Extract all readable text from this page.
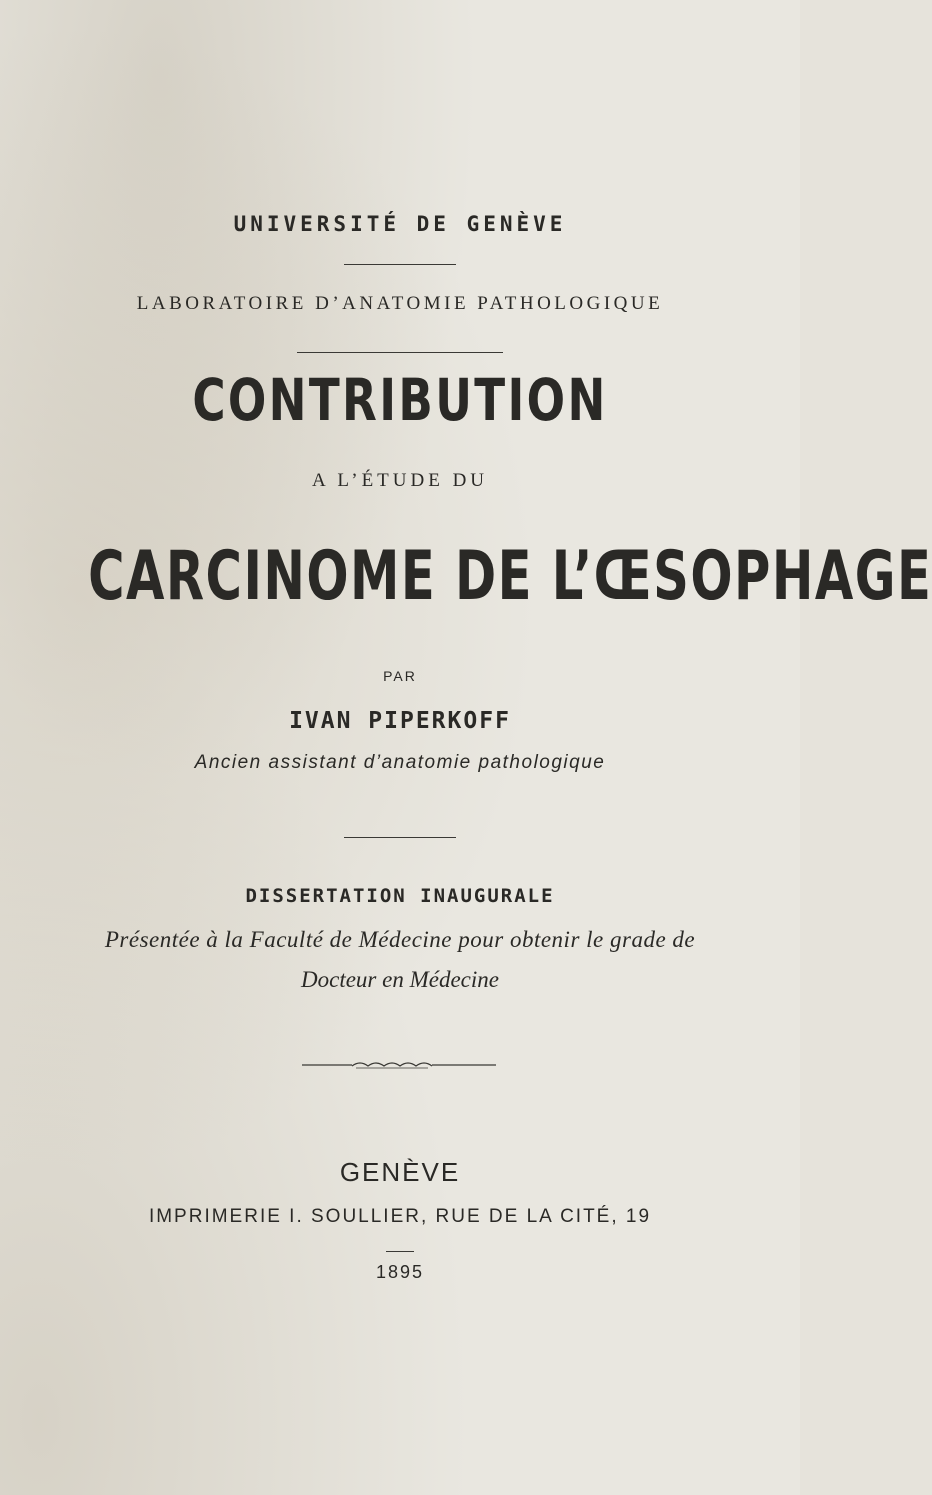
UNIVERSITÉ DE GENÈVE
LABORATOIRE D’ANATOMIE PATHOLOGIQUE
CONTRIBUTION
A L’ÉTUDE DU
CARCINOME DE L’ŒSOPHAGE
PAR
IVAN PIPERKOFF
Ancien assistant d’anatomie pathologique
DISSERTATION INAUGURALE
Présentée à la Faculté de Médecine pour obtenir le grade de
Docteur en Médecine
GENÈVE
IMPRIMERIE I. SOULLIER, RUE DE LA CITÉ, 19
1895
